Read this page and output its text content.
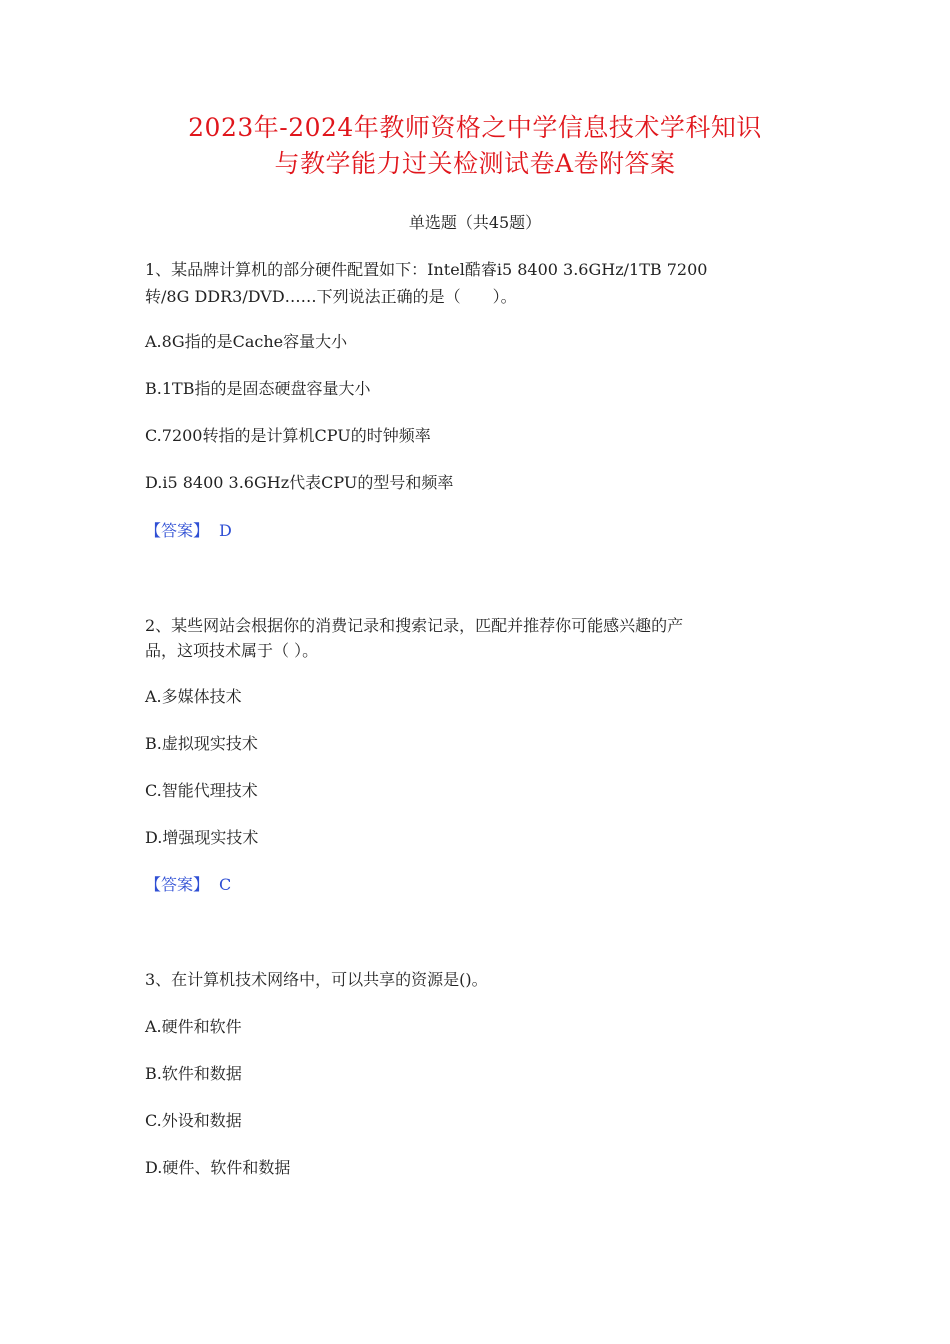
2023年-2024年教师资格之中学信息技术学科知识
与教学能力过关检测试卷A卷附答案
单选题（共45题）
1、某品牌计算机的部分硬件配置如下：Intel酷睿i5 8400 3.6GHz/1TB 7200
转/8G DDR3/DVD……下列说法正确的是（　　）。
A.8G指的是Cache容量大小
B.1TB指的是固态硬盘容量大小
C.7200转指的是计算机CPU的时钟频率
D.i5 8400 3.6GHz代表CPU的型号和频率
【答案】 D
2、某些网站会根据你的消费记录和搜索记录，匹配并推荐你可能感兴趣的产
品，这项技术属于（ ）。
A.多媒体技术
B.虚拟现实技术
C.智能代理技术
D.增强现实技术
【答案】 C
3、在计算机技术网络中，可以共享的资源是()。
A.硬件和软件
B.软件和数据
C.外设和数据
D.硬件、软件和数据
